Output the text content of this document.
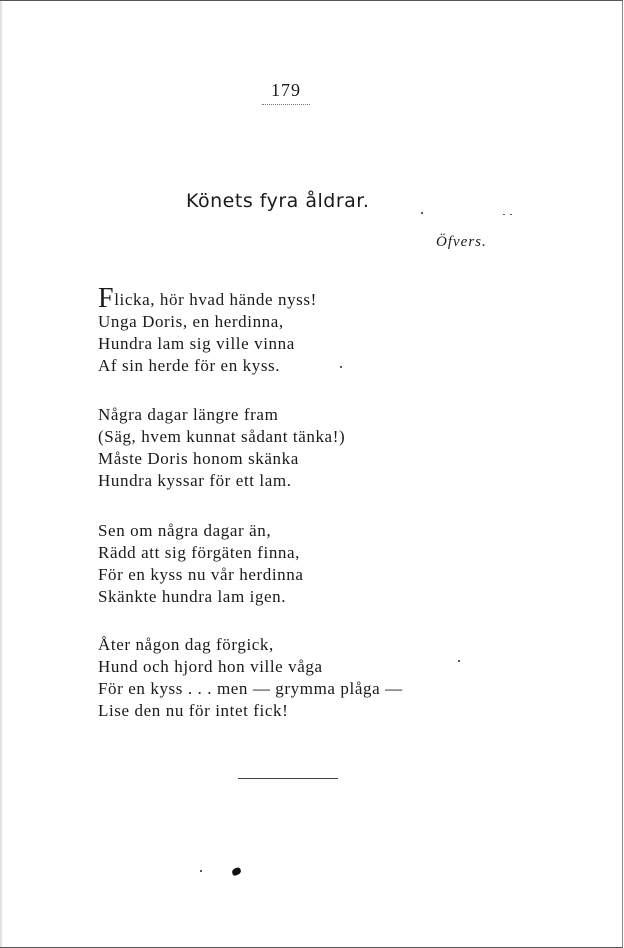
179
Könets fyra åldrar.
Öfvers.
Flicka, hör hvad hände nyss!
Unga Doris, en herdinna,
Hundra lam sig ville vinna
Af sin herde för en kyss.
Några dagar längre fram
(Säg, hvem kunnat sådant tänka!)
Måste Doris honom skänka
Hundra kyssar för ett lam.
Sen om några dagar än,
Rädd att sig förgäten finna,
För en kyss nu vår herdinna
Skänkte hundra lam igen.
Åter någon dag förgick,
Hund och hjord hon ville våga
För en kyss . . . men — grymma plåga —
Lise den nu för intet fick!
